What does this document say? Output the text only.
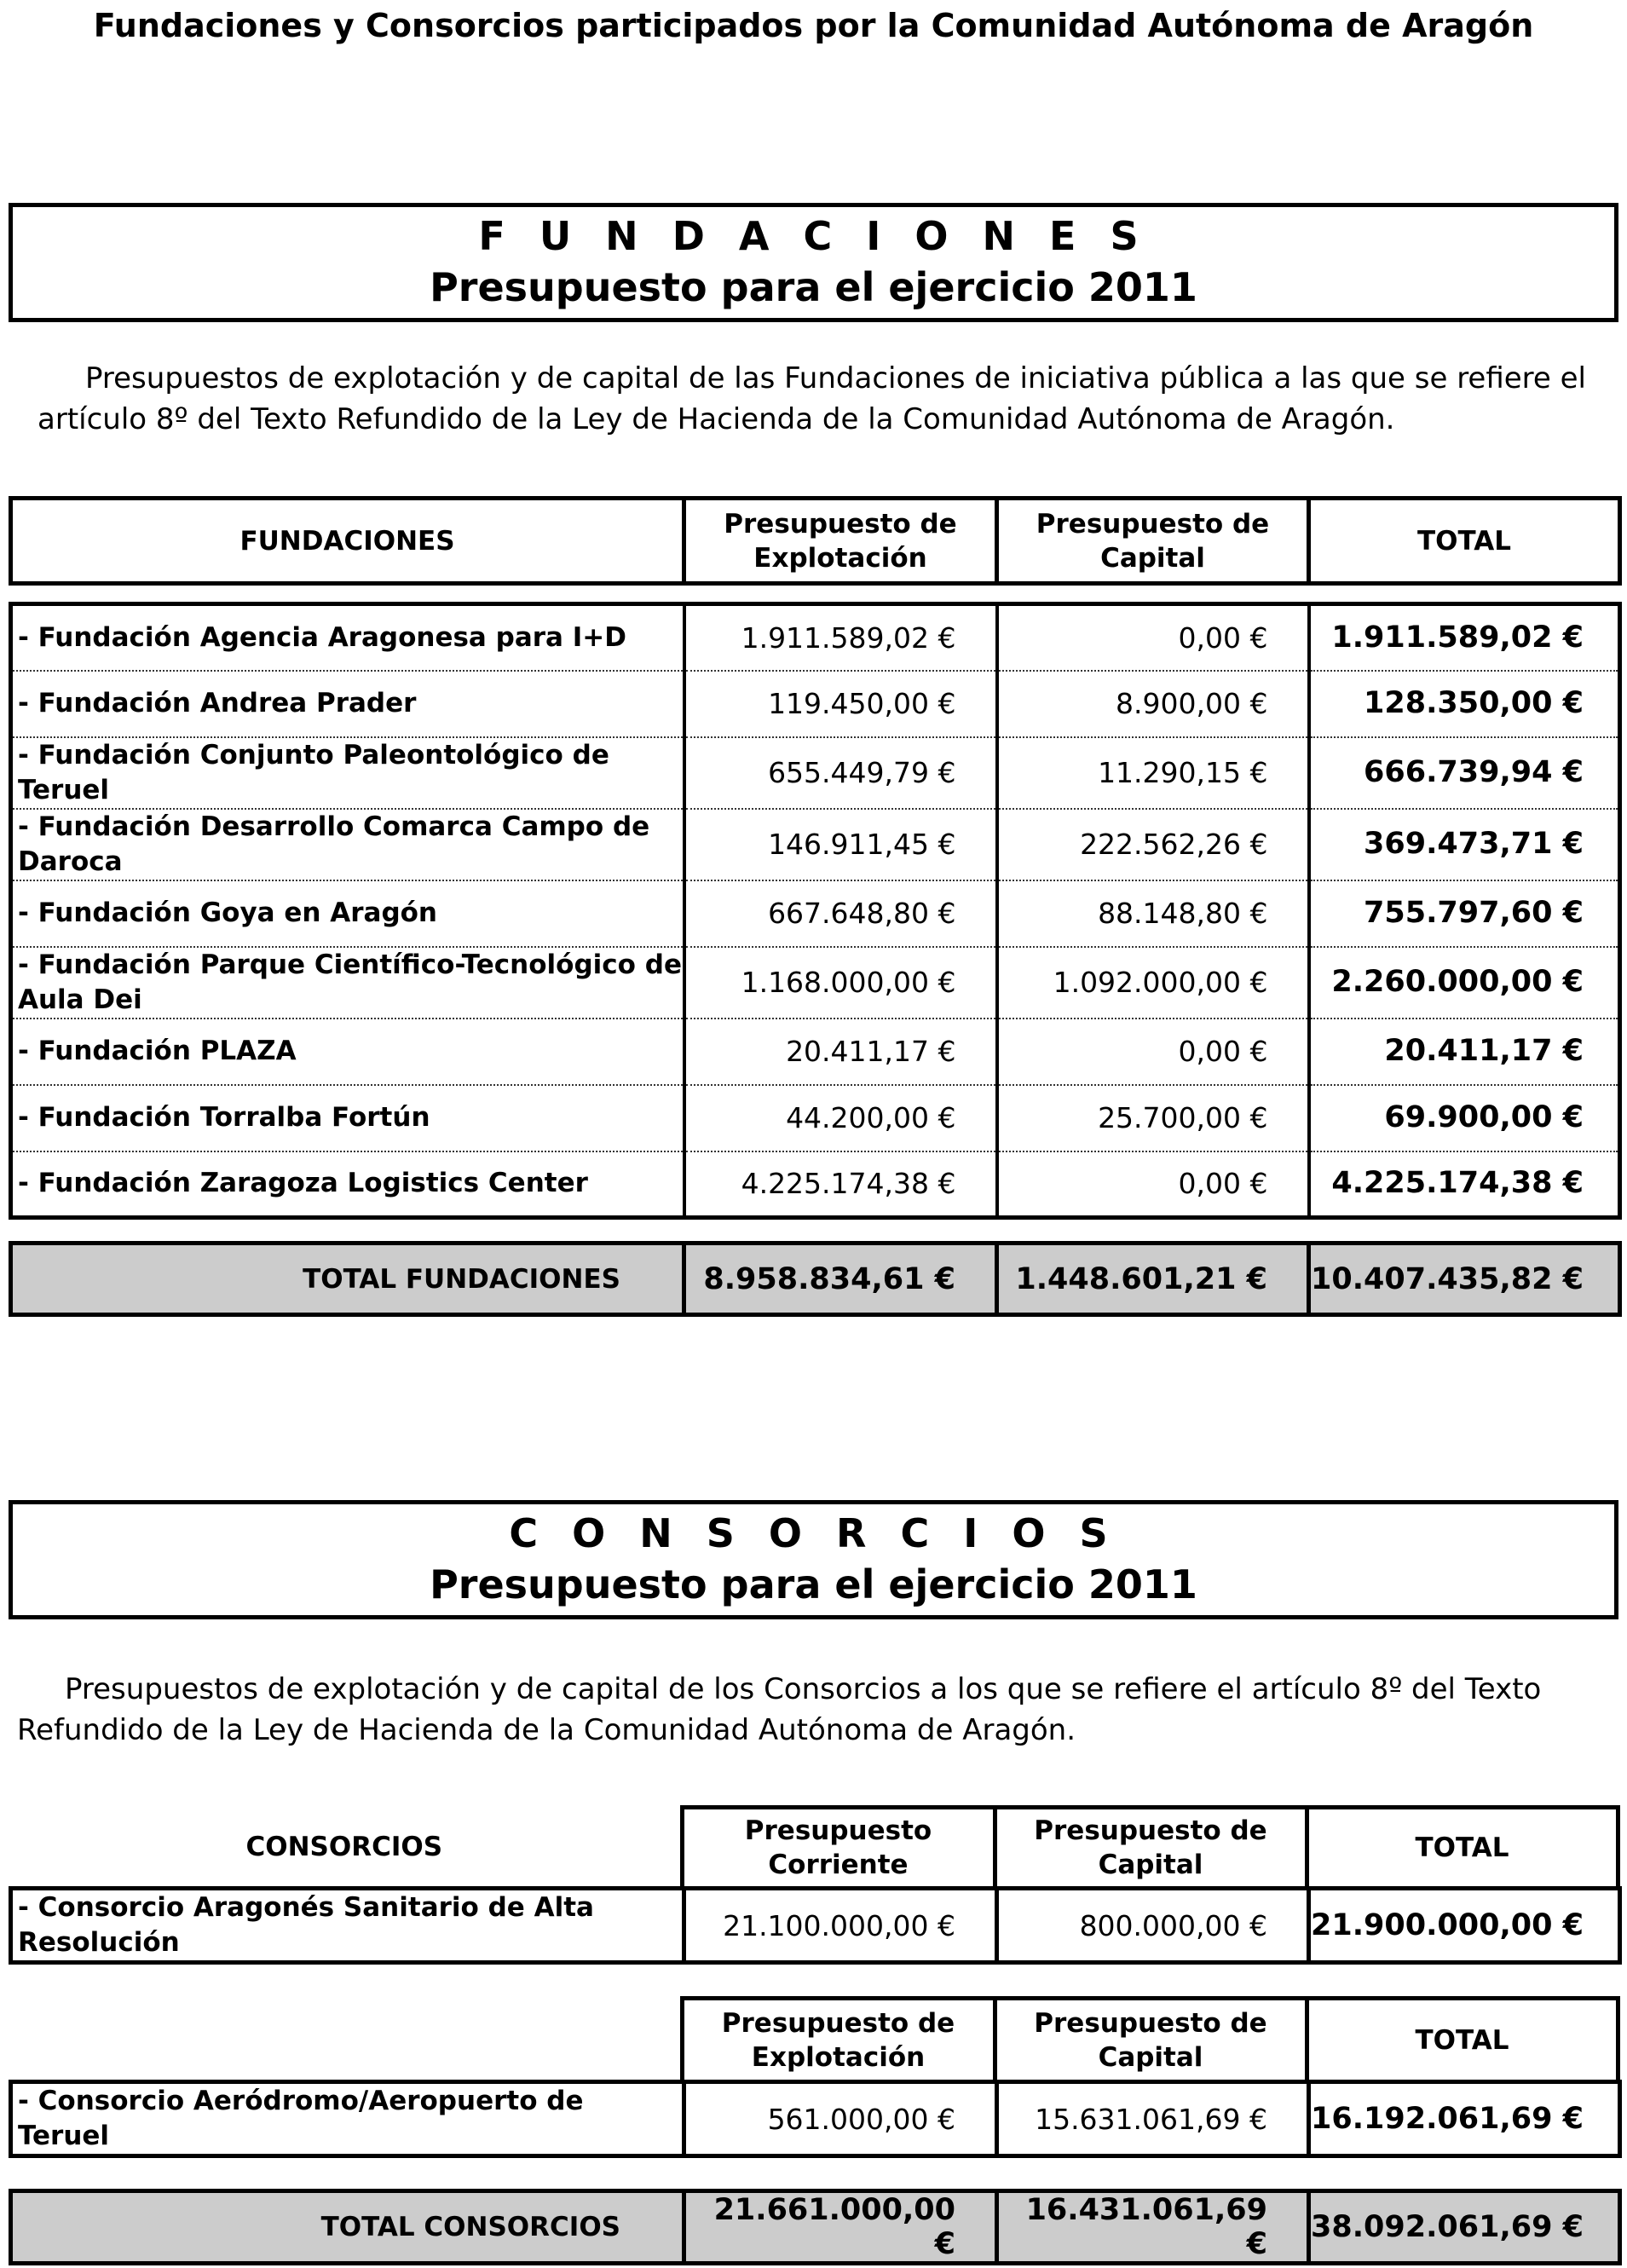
Fundaciones y Consorcios participados por la Comunidad Autónoma de Aragón
F U N D A C I O N E S
Presupuesto para el ejercicio 2011
Presupuestos de explotación y de capital de las Fundaciones de iniciativa pública a las que se refiere el
artículo 8º del Texto Refundido de la Ley de Hacienda de la Comunidad Autónoma de Aragón.
FUNDACIONES	Presupuesto de Explotación	Presupuesto de Capital	TOTAL
- Fundación Agencia Aragonesa para I+D	1.911.589,02 €	0,00 €	1.911.589,02 €
- Fundación Andrea Prader	119.450,00 €	8.900,00 €	128.350,00 €
- Fundación Conjunto Paleontológico de Teruel	655.449,79 €	11.290,15 €	666.739,94 €
- Fundación Desarrollo Comarca Campo de Daroca	146.911,45 €	222.562,26 €	369.473,71 €
- Fundación Goya en Aragón	667.648,80 €	88.148,80 €	755.797,60 €
- Fundación Parque Científico-Tecnológico de Aula Dei	1.168.000,00 €	1.092.000,00 €	2.260.000,00 €
- Fundación PLAZA	20.411,17 €	0,00 €	20.411,17 €
- Fundación Torralba Fortún	44.200,00 €	25.700,00 €	69.900,00 €
- Fundación Zaragoza Logistics Center	4.225.174,38 €	0,00 €	4.225.174,38 €
TOTAL FUNDACIONES	8.958.834,61 €	1.448.601,21 €	10.407.435,82 €
C O N S O R C I O S
Presupuesto para el ejercicio 2011
Presupuestos de explotación y de capital de los Consorcios a los que se refiere el artículo 8º del Texto
Refundido de la Ley de Hacienda de la Comunidad Autónoma de Aragón.
CONSORCIOS	Presupuesto Corriente	Presupuesto de Capital	TOTAL
- Consorcio Aragonés Sanitario de Alta Resolución	21.100.000,00 €	800.000,00 €	21.900.000,00 €
	Presupuesto de Explotación	Presupuesto de Capital	TOTAL
- Consorcio Aeródromo/Aeropuerto de Teruel	561.000,00 €	15.631.061,69 €	16.192.061,69 €
TOTAL CONSORCIOS	21.661.000,00 €	16.431.061,69 €	38.092.061,69 €
